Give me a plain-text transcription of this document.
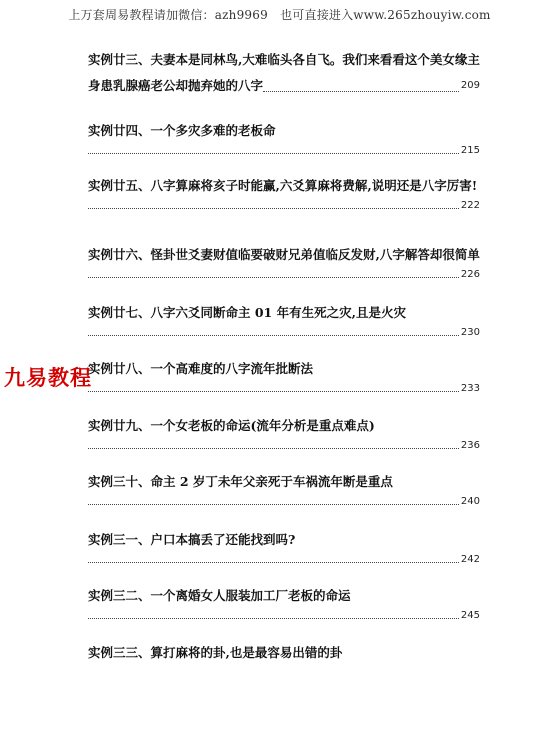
上万套周易教程请加微信：azh9969　也可直接进入www.265zhouyiw.com
九易教程
实例廿三、夫妻本是同林鸟,大难临头各自飞。我们来看看这个美女缘主
身患乳腺癌老公却抛弃她的八字	209
实例廿四、一个多灾多难的老板命
215
实例廿五、八字算麻将亥子时能赢,六爻算麻将费解,说明还是八字厉害!
222
实例廿六、怪卦世爻妻财值临要破财兄弟值临反发财,八字解答却很简单
226
实例廿七、八字六爻同断命主 01 年有生死之灾,且是火灾
230
实例廿八、一个高难度的八字流年批断法
233
实例廿九、一个女老板的命运(流年分析是重点难点)
236
实例三十、命主 2 岁丁未年父亲死于车祸流年断是重点
240
实例三一、户口本搞丢了还能找到吗?
242
实例三二、一个离婚女人服装加工厂老板的命运
245
实例三三、算打麻将的卦,也是最容易出错的卦
